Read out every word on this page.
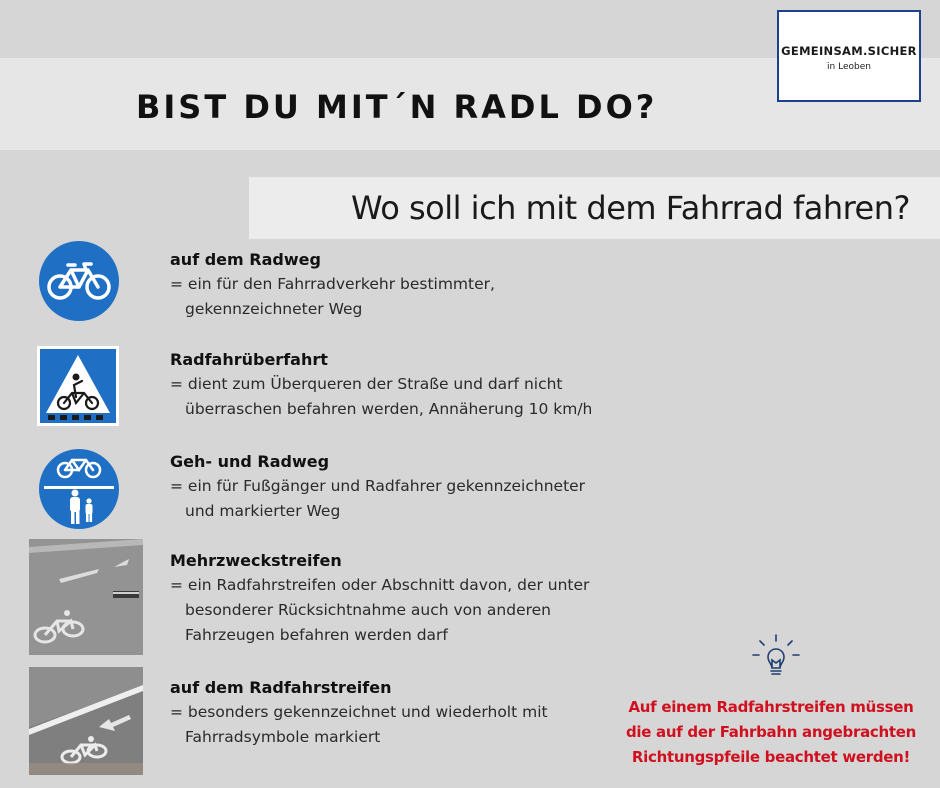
BIST DU MIT´N RADL DO?
GEMEINSAM.SICHER
in Leoben
Wo soll ich mit dem Fahrrad fahren?
auf dem Radweg
= ein für den Fahrradverkehr bestimmter,
gekennzeichneter Weg
Radfahrüberfahrt
= dient zum Überqueren der Straße und darf nicht
überraschen befahren werden, Annäherung 10 km/h
Geh- und Radweg
= ein für Fußgänger und Radfahrer gekennzeichneter
und markierter Weg
Mehrzweckstreifen
= ein Radfahrstreifen oder Abschnitt davon, der unter
besonderer Rücksichtnahme auch von anderen
Fahrzeugen befahren werden darf
auf dem Radfahrstreifen
= besonders gekennzeichnet und wiederholt mit
Fahrradsymbole markiert
Auf einem Radfahrstreifen müssen
die auf der Fahrbahn angebrachten
Richtungspfeile beachtet werden!
